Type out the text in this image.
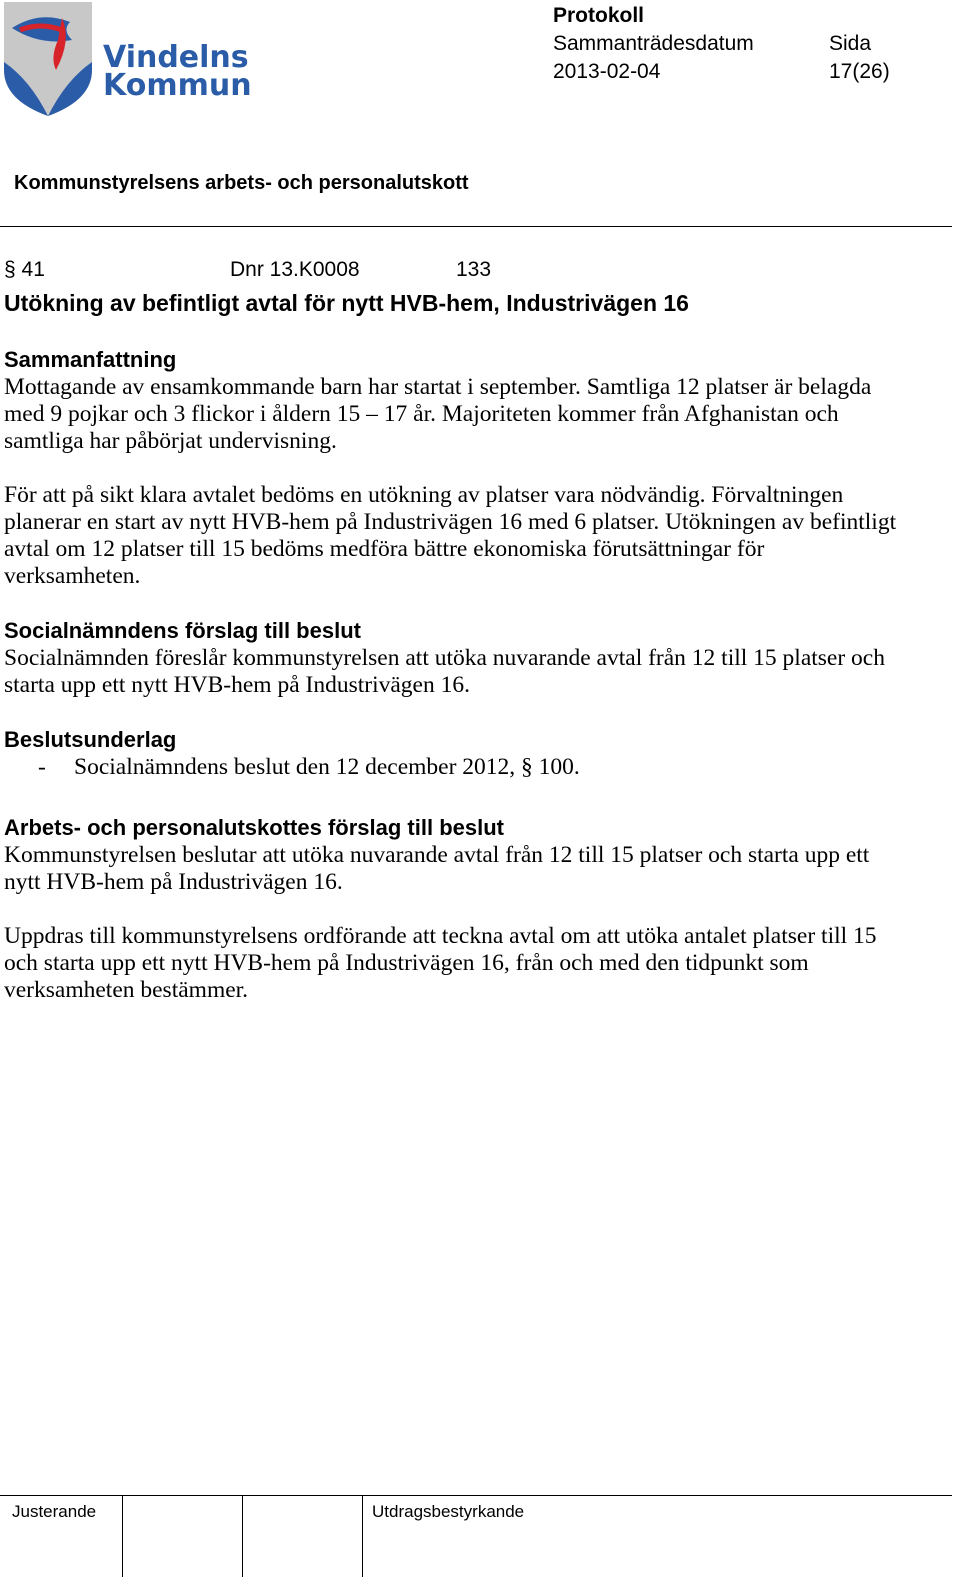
Vindelns
Kommun
Protokoll
Sammanträdesdatum
2013-02-04
Sida
17(26)
Kommunstyrelsens arbets- och personalutskott
§ 41	Dnr 13.K0008	133
Utökning av befintligt avtal för nytt HVB-hem, Industrivägen 16
Sammanfattning

Mottagande av ensamkommande barn har startat i september. Samtliga 12 platser är belagda med 9 pojkar och 3 flickor i åldern 15 – 17 år. Majoriteten kommer från Afghanistan och samtliga har påbörjat undervisning.

För att på sikt klara avtalet bedöms en utökning av platser vara nödvändig. Förvaltningen planerar en start av nytt HVB-hem på Industrivägen 16 med 6 platser. Utökningen av befintligt avtal om 12 platser till 15 bedöms medföra bättre ekonomiska förutsättningar för verksamheten.

Socialnämndens förslag till beslut

Socialnämnden föreslår kommunstyrelsen att utöka nuvarande avtal från 12 till 15 platser och starta upp ett nytt HVB-hem på Industrivägen 16.

Beslutsunderlag
-	Socialnämndens beslut den 12 december 2012, § 100.
Arbets- och personalutskottes förslag till beslut

Kommunstyrelsen beslutar att utöka nuvarande avtal från 12 till 15 platser och starta upp ett nytt HVB-hem på Industrivägen 16.

Uppdras till kommunstyrelsens ordförande att teckna avtal om att utöka antalet platser till 15 och starta upp ett nytt HVB-hem på Industrivägen 16, från och med den tidpunkt som verksamheten bestämmer.

Justerande	Utdragsbestyrkande
